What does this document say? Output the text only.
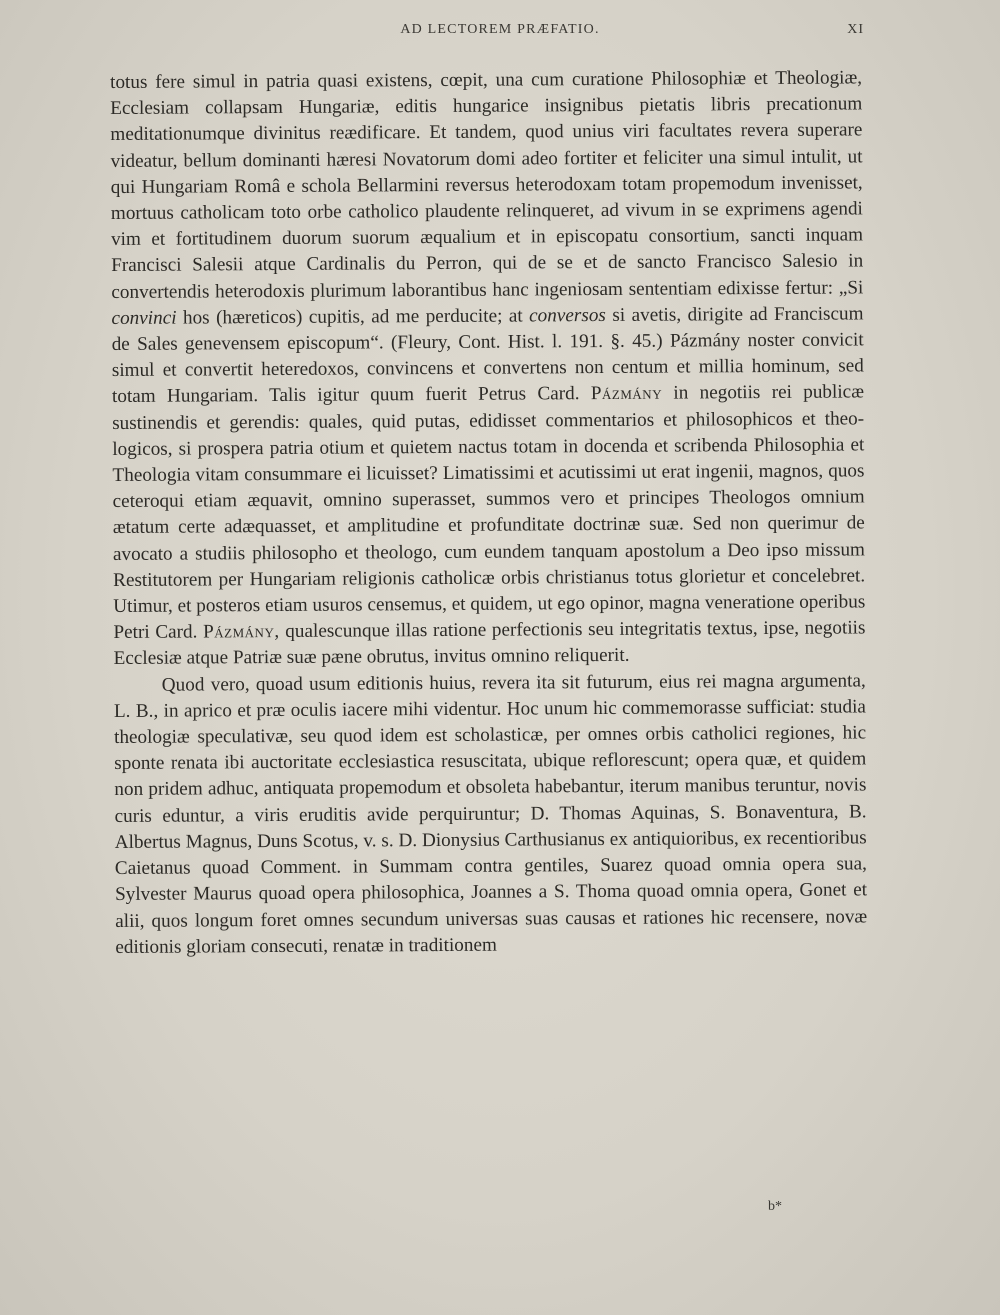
AD LECTOREM PRÆFATIO.	XI

totus fere simul in patria quasi existens, cœpit, una cum curatione Philosophiæ et Theologiæ, Ecclesiam collapsam Hungariæ, editis hungarice insignibus pietatis libris precationum meditationumque divinitus reædificare. Et tandem, quod unius viri facultates revera superare videatur, bellum dominanti hæresi Novatorum domi adeo fortiter et feliciter una simul intulit, ut qui Hungariam Româ e schola Bellarmini reversus heterodoxam totam propemodum invenisset, mortuus catholicam toto orbe catholico plaudente relinqueret, ad vivum in se exprimens agendi vim et fortitudinem duorum suorum æqualium et in episcopatu consortium, sancti inquam Francisci Salesii atque Cardinalis du Perron, qui de se et de sancto Francisco Salesio in convertendis heterodoxis plurimum laborantibus hanc ingeniosam sententiam edixisse fertur: „Si convinci hos (hæreticos) cupitis, ad me perducite; at conversos si avetis, dirigite ad Franciscum de Sales genevensem episcopum“. (Fleury, Cont. Hist. l. 191. §. 45.) Pázmány noster convicit simul et convertit heteredoxos, convincens et convertens non centum et millia hominum, sed totam Hungariam. Talis igitur quum fuerit Petrus Card. Pázmány in negotiis rei publicæ sustinendis et gerendis: quales, quid putas, edidisset commentarios et philosophicos et theologicos, si prospera patria otium et quietem nactus totam in docenda et scribenda Philosophia et Theologia vitam consummare ei licuisset? Limatissimi et acutissimi ut erat ingenii, magnos, quos ceteroqui etiam æquavit, omnino superasset, summos vero et principes Theologos omnium ætatum certe adæquasset, et amplitudine et profunditate doctrinæ suæ. Sed non querimur de avocato a studiis philosopho et theologo, cum eundem tanquam apostolum a Deo ipso missum Restitutorem per Hungariam religionis catholicæ orbis christianus totus glorietur et concelebret. Utimur, et posteros etiam usuros censemus, et quidem, ut ego opinor, magna veneratione operibus Petri Card. Pázmány, qualescunque illas ratione perfectionis seu integritatis textus, ipse, negotiis Ecclesiæ atque Patriæ suæ pæne obrutus, invitus omnino reliquerit.

Quod vero, quoad usum editionis huius, revera ita sit futurum, eius rei magna argumenta, L. B., in aprico et præ oculis iacere mihi videntur. Hoc unum hic commemorasse sufficiat: studia theologiæ speculativæ, seu quod idem est scholasticæ, per omnes orbis catholici regiones, hic sponte renata ibi auctoritate ecclesiastica resuscitata, ubique reflorescunt; opera quæ, et quidem non pridem adhuc, antiquata propemodum et obsoleta habebantur, iterum manibus teruntur, novis curis eduntur, a viris eruditis avide perquiruntur; D. Thomas Aquinas, S. Bonaventura, B. Albertus Magnus, Duns Scotus, v. s. D. Dionysius Carthusianus ex antiquioribus, ex recentioribus Caietanus quoad Comment. in Summam contra gentiles, Suarez quoad omnia opera sua, Sylvester Maurus quoad opera philosophica, Joannes a S. Thoma quoad omnia opera, Gonet et alii, quos longum foret omnes secundum universas suas causas et rationes hic recensere, novæ editionis gloriam consecuti, renatæ in traditionem

b*
